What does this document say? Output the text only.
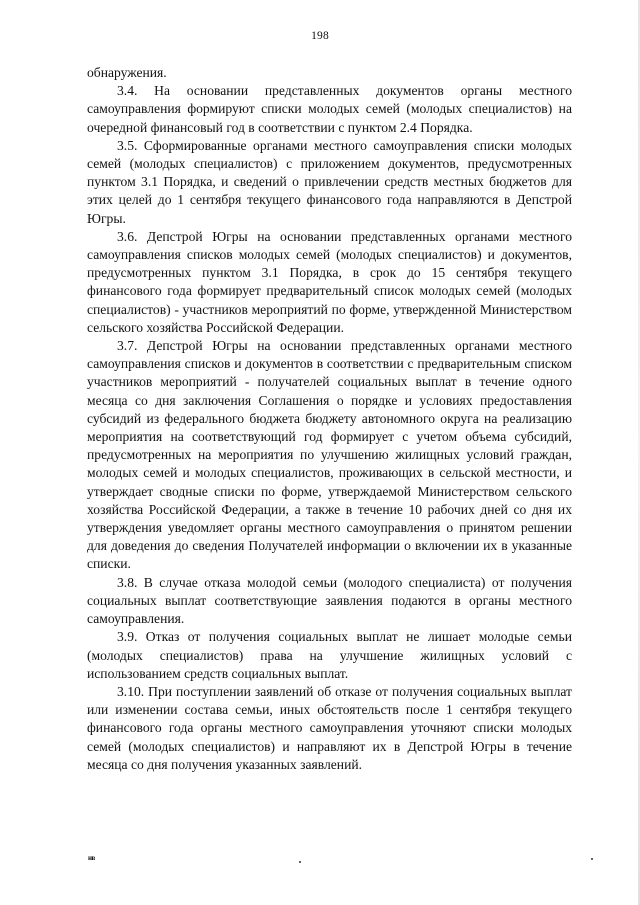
198

обнаружения.

3.4. На основании представленных документов органы местного самоуправления формируют списки молодых семей (молодых специалистов) на очередной финансовый год в соответствии с пунктом 2.4 Порядка.

3.5. Сформированные органами местного самоуправления списки молодых семей (молодых специалистов) с приложением документов, предусмотренных пунктом 3.1 Порядка, и сведений о привлечении средств местных бюджетов для этих целей до 1 сентября текущего финансового года направляются в Депстрой Югры.

3.6. Депстрой Югры на основании представленных органами местного самоуправления списков молодых семей (молодых специалистов) и документов, предусмотренных пунктом 3.1 Порядка, в срок до 15 сентября текущего финансового года формирует предварительный список молодых семей (молодых специалистов) - участников мероприятий по форме, утвержденной Министерством сельского хозяйства Российской Федерации.

3.7. Депстрой Югры на основании представленных органами местного самоуправления списков и документов в соответствии с предварительным списком участников мероприятий - получателей социальных выплат в течение одного месяца со дня заключения Соглашения о порядке и условиях предоставления субсидий из федерального бюджета бюджету автономного округа на реализацию мероприятия на соответствующий год формирует с учетом объема субсидий, предусмотренных на мероприятия по улучшению жилищных условий граждан, молодых семей и молодых специалистов, проживающих в сельской местности, и утверждает сводные списки по форме, утверждаемой Министерством сельского хозяйства Российской Федерации, а также в течение 10 рабочих дней со дня их утверждения уведомляет органы местного самоуправления о принятом решении для доведения до сведения Получателей информации о включении их в указанные списки.

3.8. В случае отказа молодой семьи (молодого специалиста) от получения социальных выплат соответствующие заявления подаются в органы местного самоуправления.

3.9. Отказ от получения социальных выплат не лишает молодые семьи (молодых специалистов) права на улучшение жилищных условий с использованием средств социальных выплат.

3.10. При поступлении заявлений об отказе от получения социальных выплат или изменении состава семьи, иных обстоятельств после 1 сентября текущего финансового года органы местного самоуправления уточняют списки молодых семей (молодых специалистов) и направляют их в Депстрой Югры в течение месяца со дня получения указанных заявлений.

нв
